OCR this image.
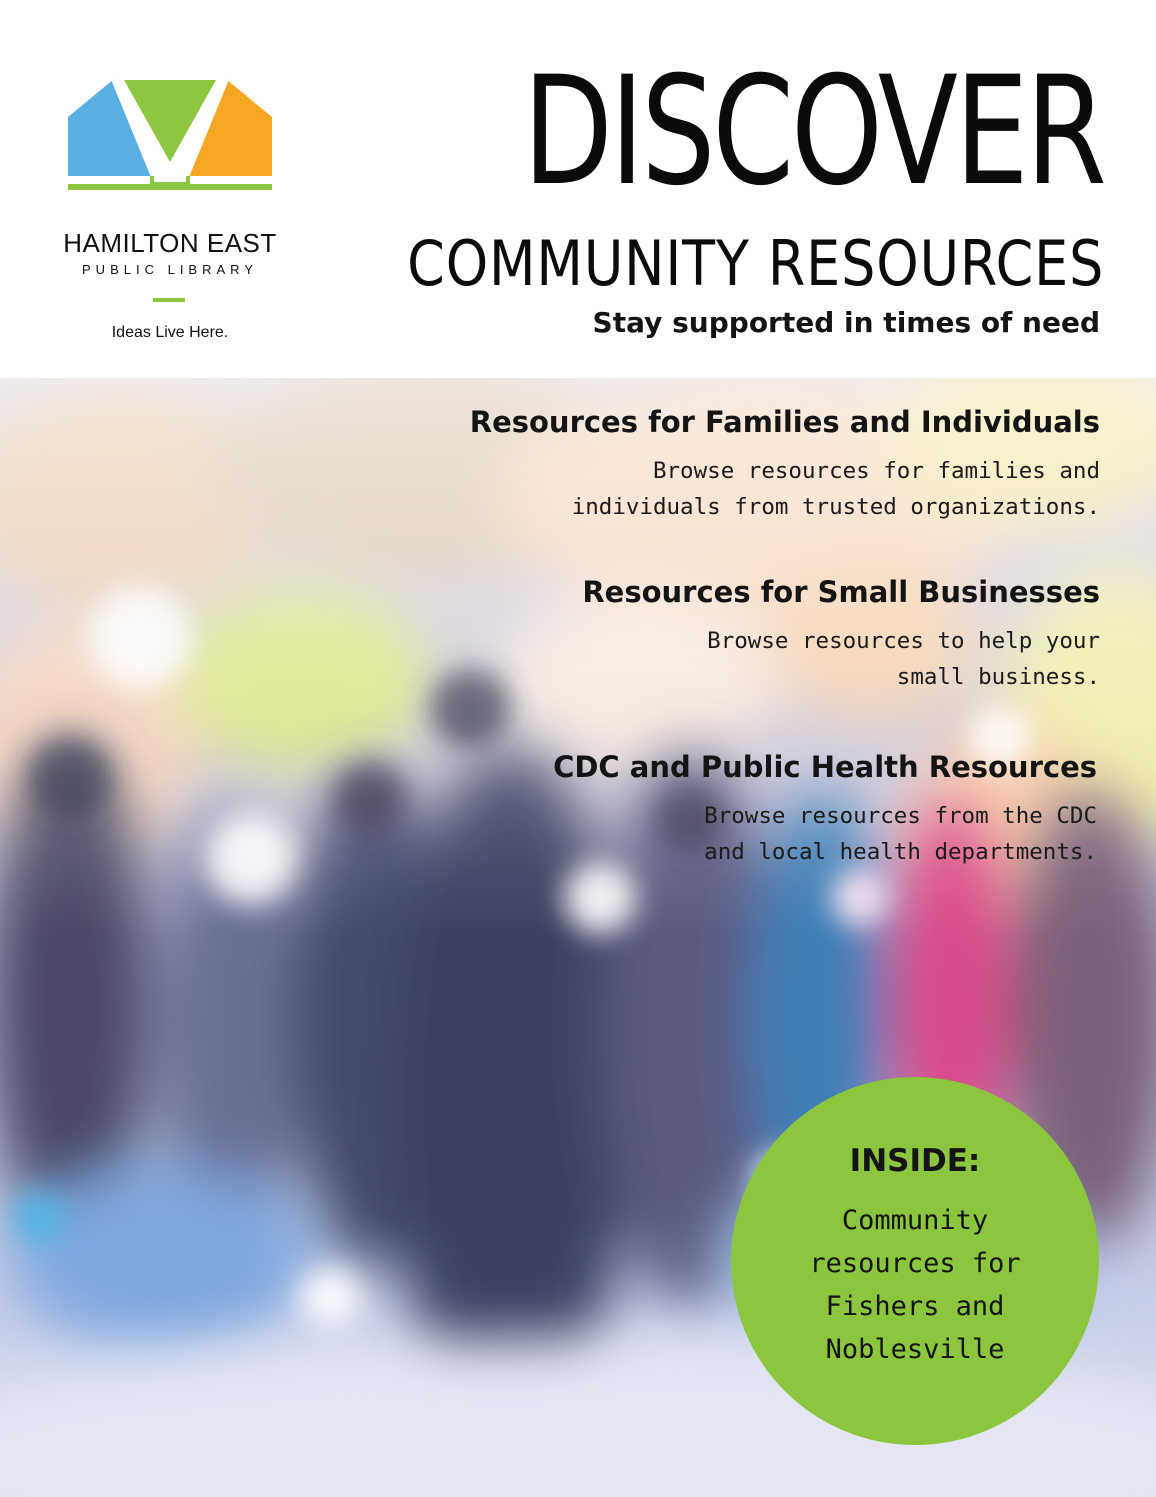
HAMILTON EAST
PUBLIC LIBRARY
Ideas Live Here.
DISCOVER
COMMUNITY RESOURCES
Stay supported in times of need
Resources for Families and Individuals
Browse resources for families and
individuals from trusted organizations.
Resources for Small Businesses
Browse resources to help your
small business.
CDC and Public Health Resources
Browse resources from the CDC
and local health departments.
INSIDE:
Community
resources for
Fishers and
Noblesville
